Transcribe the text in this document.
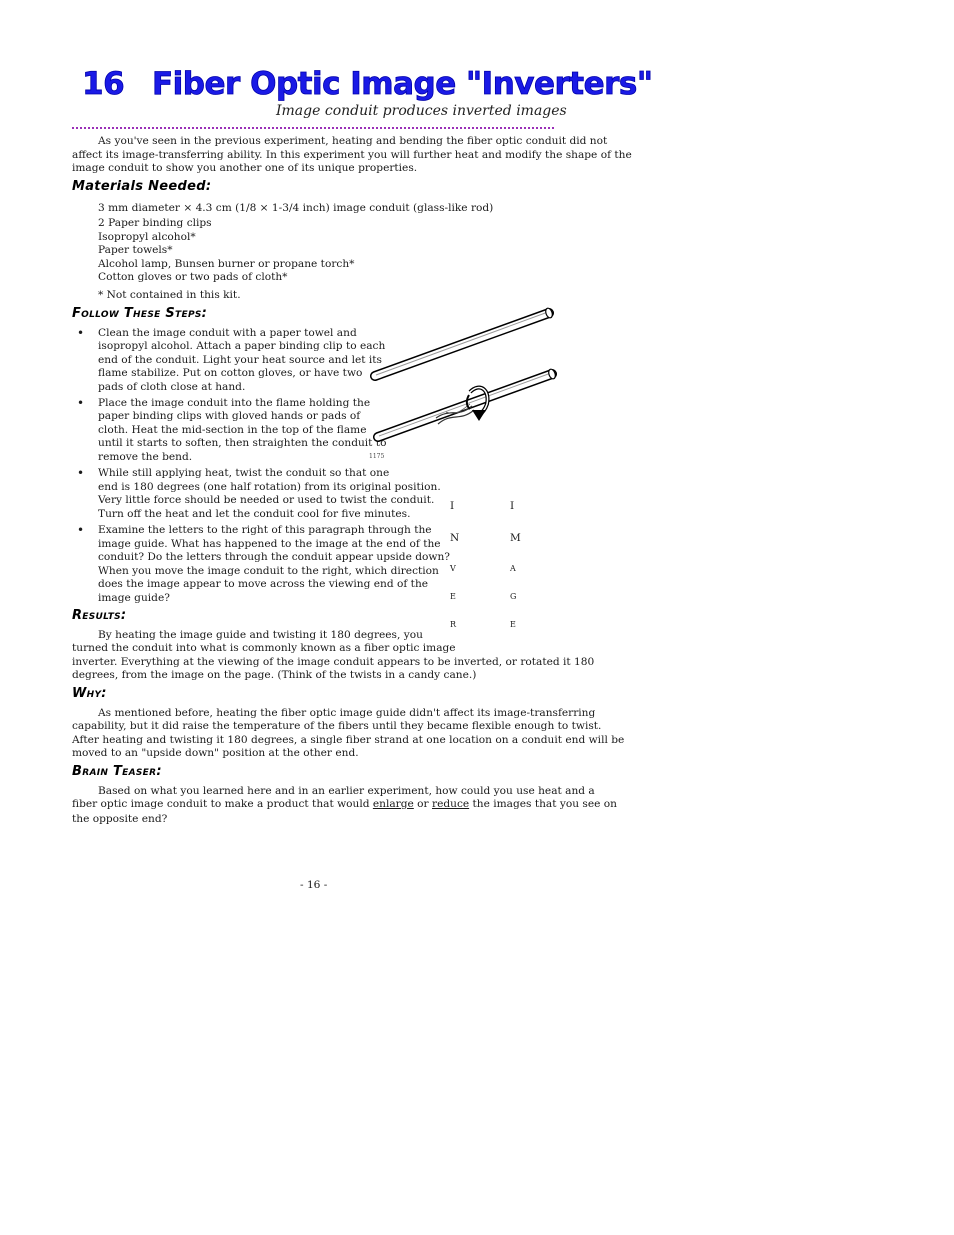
16 Fiber Optic Image "Inverters"
Image conduit produces inverted images
As you've seen in the previous experiment, heating and bending the fiber optic conduit did not
affect its image-transferring ability. In this experiment you will further heat and modify the shape of the
image conduit to show you another one of its unique properties.
Materials Needed:
3 mm diameter × 4.3 cm (1/8 × 1-3/4 inch) image conduit (glass-like rod)
2 Paper binding clips
Isopropyl alcohol*
Paper towels*
Alcohol lamp, Bunsen burner or propane torch*
Cotton gloves or two pads of cloth*
* Not contained in this kit.
Follow These Steps:
• Clean the image conduit with a paper towel and
isopropyl alcohol. Attach a paper binding clip to each
end of the conduit. Light your heat source and let its
flame stabilize. Put on cotton gloves, or have two
pads of cloth close at hand.
• Place the image conduit into the flame holding the
paper binding clips with gloved hands or pads of
cloth. Heat the mid-section in the top of the flame
until it starts to soften, then straighten the conduit to
remove the bend.
• While still applying heat, twist the conduit so that one
end is 180 degrees (one half rotation) from its original position.
Very little force should be needed or used to twist the conduit.
Turn off the heat and let the conduit cool for five minutes.
• Examine the letters to the right of this paragraph through the
image guide. What has happened to the image at the end of the
conduit? Do the letters through the conduit appear upside down?
When you move the image conduit to the right, which direction
does the image appear to move across the viewing end of the
image guide?
1175
I
N
V
E
R
I
M
A
G
E
Results:
By heating the image guide and twisting it 180 degrees, you
turned the conduit into what is commonly known as a fiber optic image
inverter. Everything at the viewing of the image conduit appears to be inverted, or rotated it 180
degrees, from the image on the page. (Think of the twists in a candy cane.)
Why:
As mentioned before, heating the fiber optic image guide didn't affect its image-transferring
capability, but it did raise the temperature of the fibers until they became flexible enough to twist.
After heating and twisting it 180 degrees, a single fiber strand at one location on a conduit end will be
moved to an "upside down" position at the other end.
Brain Teaser:
Based on what you learned here and in an earlier experiment, how could you use heat and a
fiber optic image conduit to make a product that would enlarge or reduce the images that you see on
the opposite end?
- 16 -
